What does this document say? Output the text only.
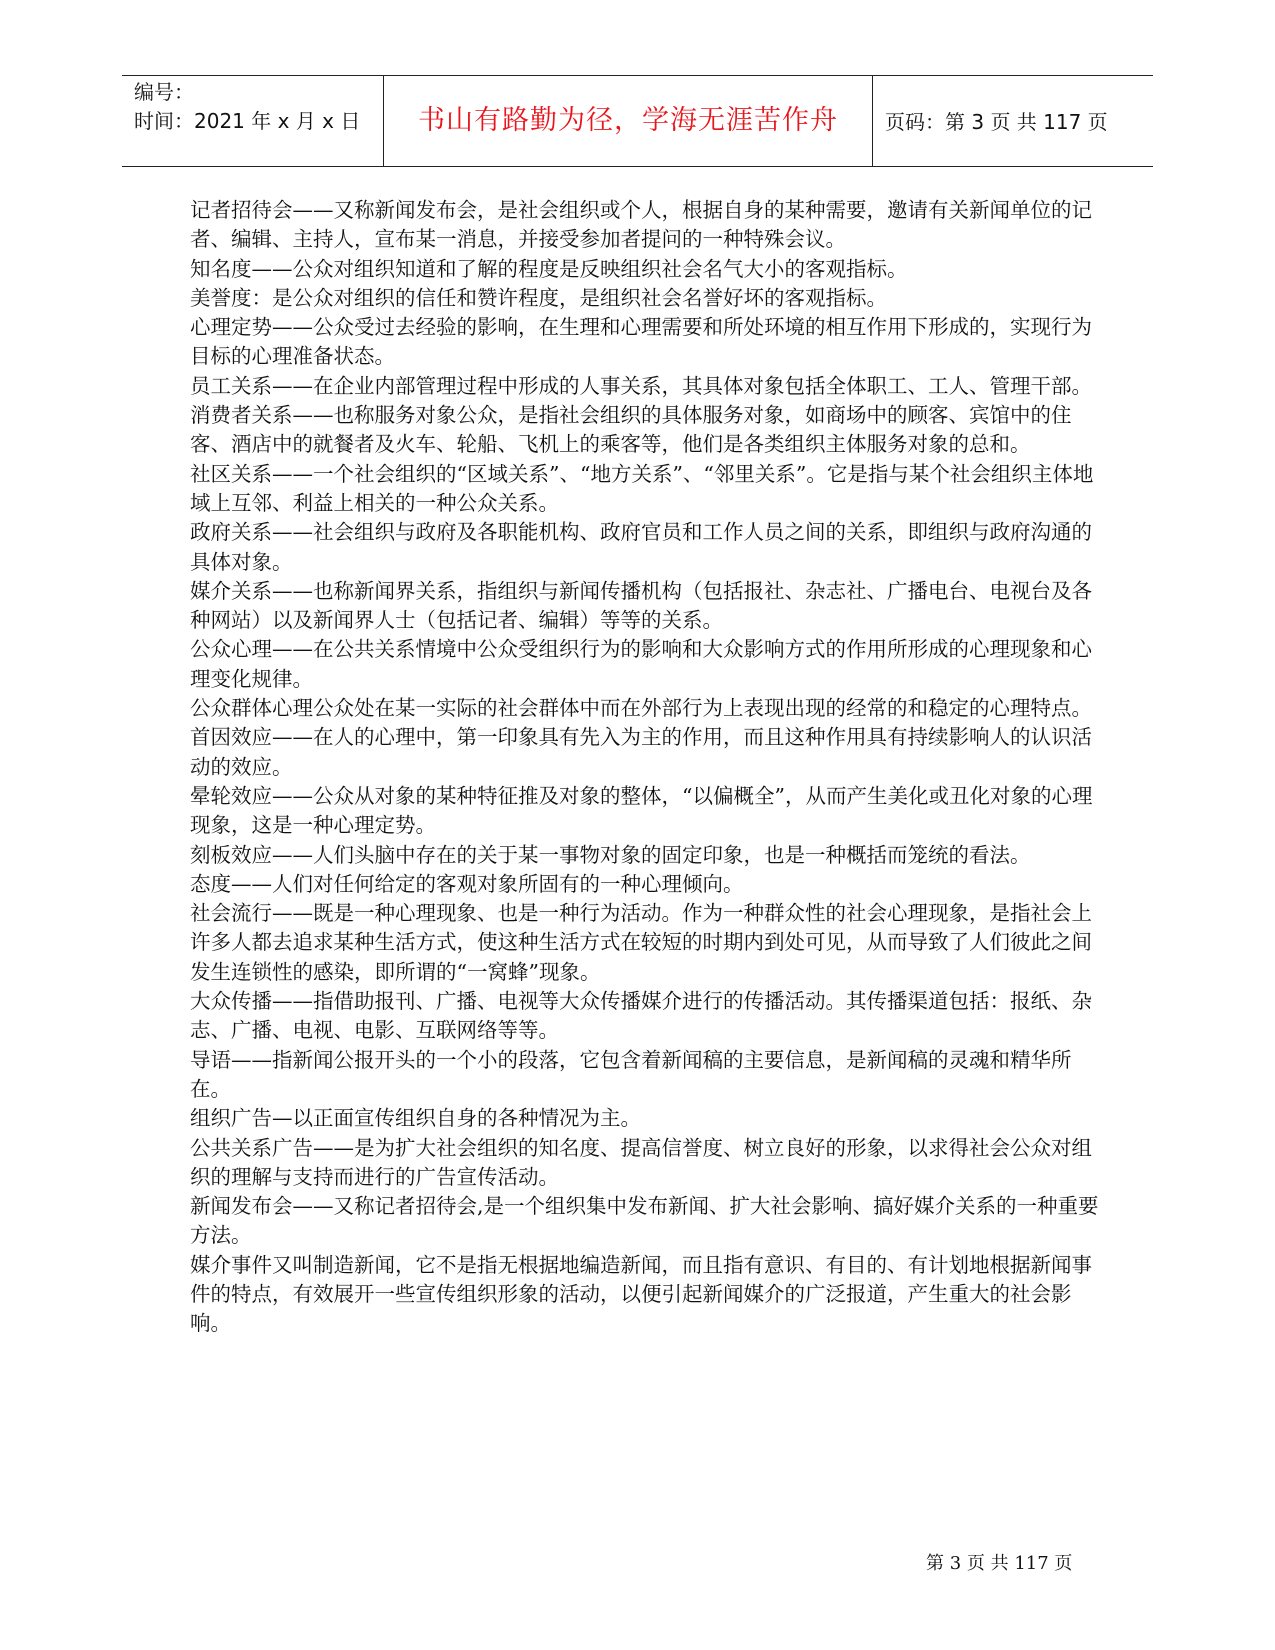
编号：
时间：2021 年 x 月 x 日	书山有路勤为径，学海无涯苦作舟	页码：第 3 页 共 117 页

记者招待会——又称新闻发布会，是社会组织或个人，根据自身的某种需要，邀请有关新闻单位的记者、编辑、主持人，宣布某一消息，并接受参加者提问的一种特殊会议。

知名度——公众对组织知道和了解的程度是反映组织社会名气大小的客观指标。

美誉度：是公众对组织的信任和赞许程度，是组织社会名誉好坏的客观指标。

心理定势——公众受过去经验的影响，在生理和心理需要和所处环境的相互作用下形成的，实现行为目标的心理准备状态。

员工关系——在企业内部管理过程中形成的人事关系，其具体对象包括全体职工、工人、管理干部。

消费者关系——也称服务对象公众，是指社会组织的具体服务对象，如商场中的顾客、宾馆中的住客、酒店中的就餐者及火车、轮船、飞机上的乘客等，他们是各类组织主体服务对象的总和。

社区关系——一个社会组织的“区域关系”、“地方关系”、“邻里关系”。它是指与某个社会组织主体地域上互邻、利益上相关的一种公众关系。

政府关系——社会组织与政府及各职能机构、政府官员和工作人员之间的关系，即组织与政府沟通的具体对象。

媒介关系——也称新闻界关系，指组织与新闻传播机构（包括报社、杂志社、广播电台、电视台及各种网站）以及新闻界人士（包括记者、编辑）等等的关系。

公众心理——在公共关系情境中公众受组织行为的影响和大众影响方式的作用所形成的心理现象和心理变化规律。

公众群体心理公众处在某一实际的社会群体中而在外部行为上表现出现的经常的和稳定的心理特点。

首因效应——在人的心理中，第一印象具有先入为主的作用，而且这种作用具有持续影响人的认识活动的效应。

晕轮效应——公众从对象的某种特征推及对象的整体，“以偏概全”，从而产生美化或丑化对象的心理现象，这是一种心理定势。

刻板效应——人们头脑中存在的关于某一事物对象的固定印象，也是一种概括而笼统的看法。

态度——人们对任何给定的客观对象所固有的一种心理倾向。

社会流行——既是一种心理现象、也是一种行为活动。作为一种群众性的社会心理现象，是指社会上许多人都去追求某种生活方式，使这种生活方式在较短的时期内到处可见，从而导致了人们彼此之间发生连锁性的感染，即所谓的“一窝蜂”现象。

大众传播——指借助报刊、广播、电视等大众传播媒介进行的传播活动。其传播渠道包括：报纸、杂志、广播、电视、电影、互联网络等等。

导语——指新闻公报开头的一个小的段落，它包含着新闻稿的主要信息，是新闻稿的灵魂和精华所在。

组织广告—以正面宣传组织自身的各种情况为主。

公共关系广告——是为扩大社会组织的知名度、提高信誉度、树立良好的形象，以求得社会公众对组织的理解与支持而进行的广告宣传活动。

新闻发布会——又称记者招待会,是一个组织集中发布新闻、扩大社会影响、搞好媒介关系的一种重要方法。

媒介事件又叫制造新闻，它不是指无根据地编造新闻，而且指有意识、有目的、有计划地根据新闻事件的特点，有效展开一些宣传组织形象的活动，以便引起新闻媒介的广泛报道，产生重大的社会影响。

第 3 页 共 117 页
